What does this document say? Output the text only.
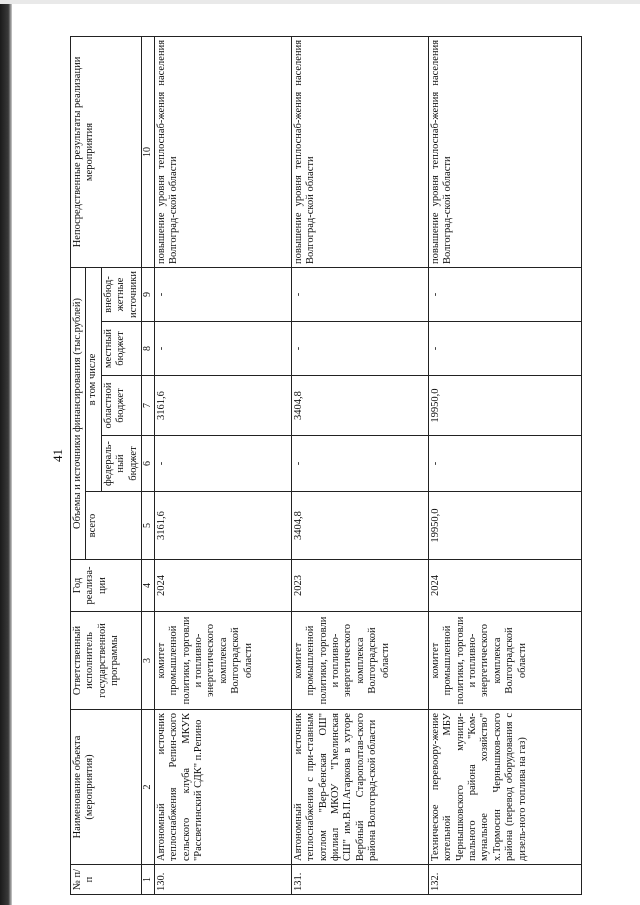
41
№ п/п	Наименование объекта (мероприятия)	Ответственный исполнитель государственной программы	Год реализа-ции	Объемы и источники финансирования (тыс.рублей)					Непосредственные результаты реализации мероприятия
				всего	в том числе				
					федераль-ный бюджет	областной бюджет	местный бюджет	внебюд-жетные источники	
1	2	3	4	5	6	7	8	9	10
130.	Автономный источник теплоснабжения Репин-ского сельского клуба МКУК "Рассветинский СДК" п.Репино	комитет промышленной политики, торговли и топливно-энергетического комплекса Волгоградской области	2024	3161,6	-	3161,6	-	-	повышение уровня теплоснаб-жения населения Волгоград-ской области
131.	Автономный источник теплоснабжения с при-ставным котлом "Вер-бенская ОШ" филиал МКОУ "Гмелинская СШ" им.В.П.Агаркова в хуторе Вербный Старополтав-ского района Волгоград-ской области	комитет промышленной политики, торговли и топливно-энергетического комплекса Волгоградской области	2023	3404,8	-	3404,8	-	-	повышение уровня теплоснаб-жения населения Волгоград-ской области
132.	Техническое перевоору-жение котельной МБУ Чернышковского муници-пального района "Ком-мунальное хозяйство" х.Тормосин Чернышков-ского района (перевод оборудования с дизель-ного топлива на газ)	комитет промышленной политики, торговли и топливно-энергетического комплекса Волгоградской области	2024	19950,0	-	19950,0	-	-	повышение уровня теплоснаб-жения населения Волгоград-ской области
